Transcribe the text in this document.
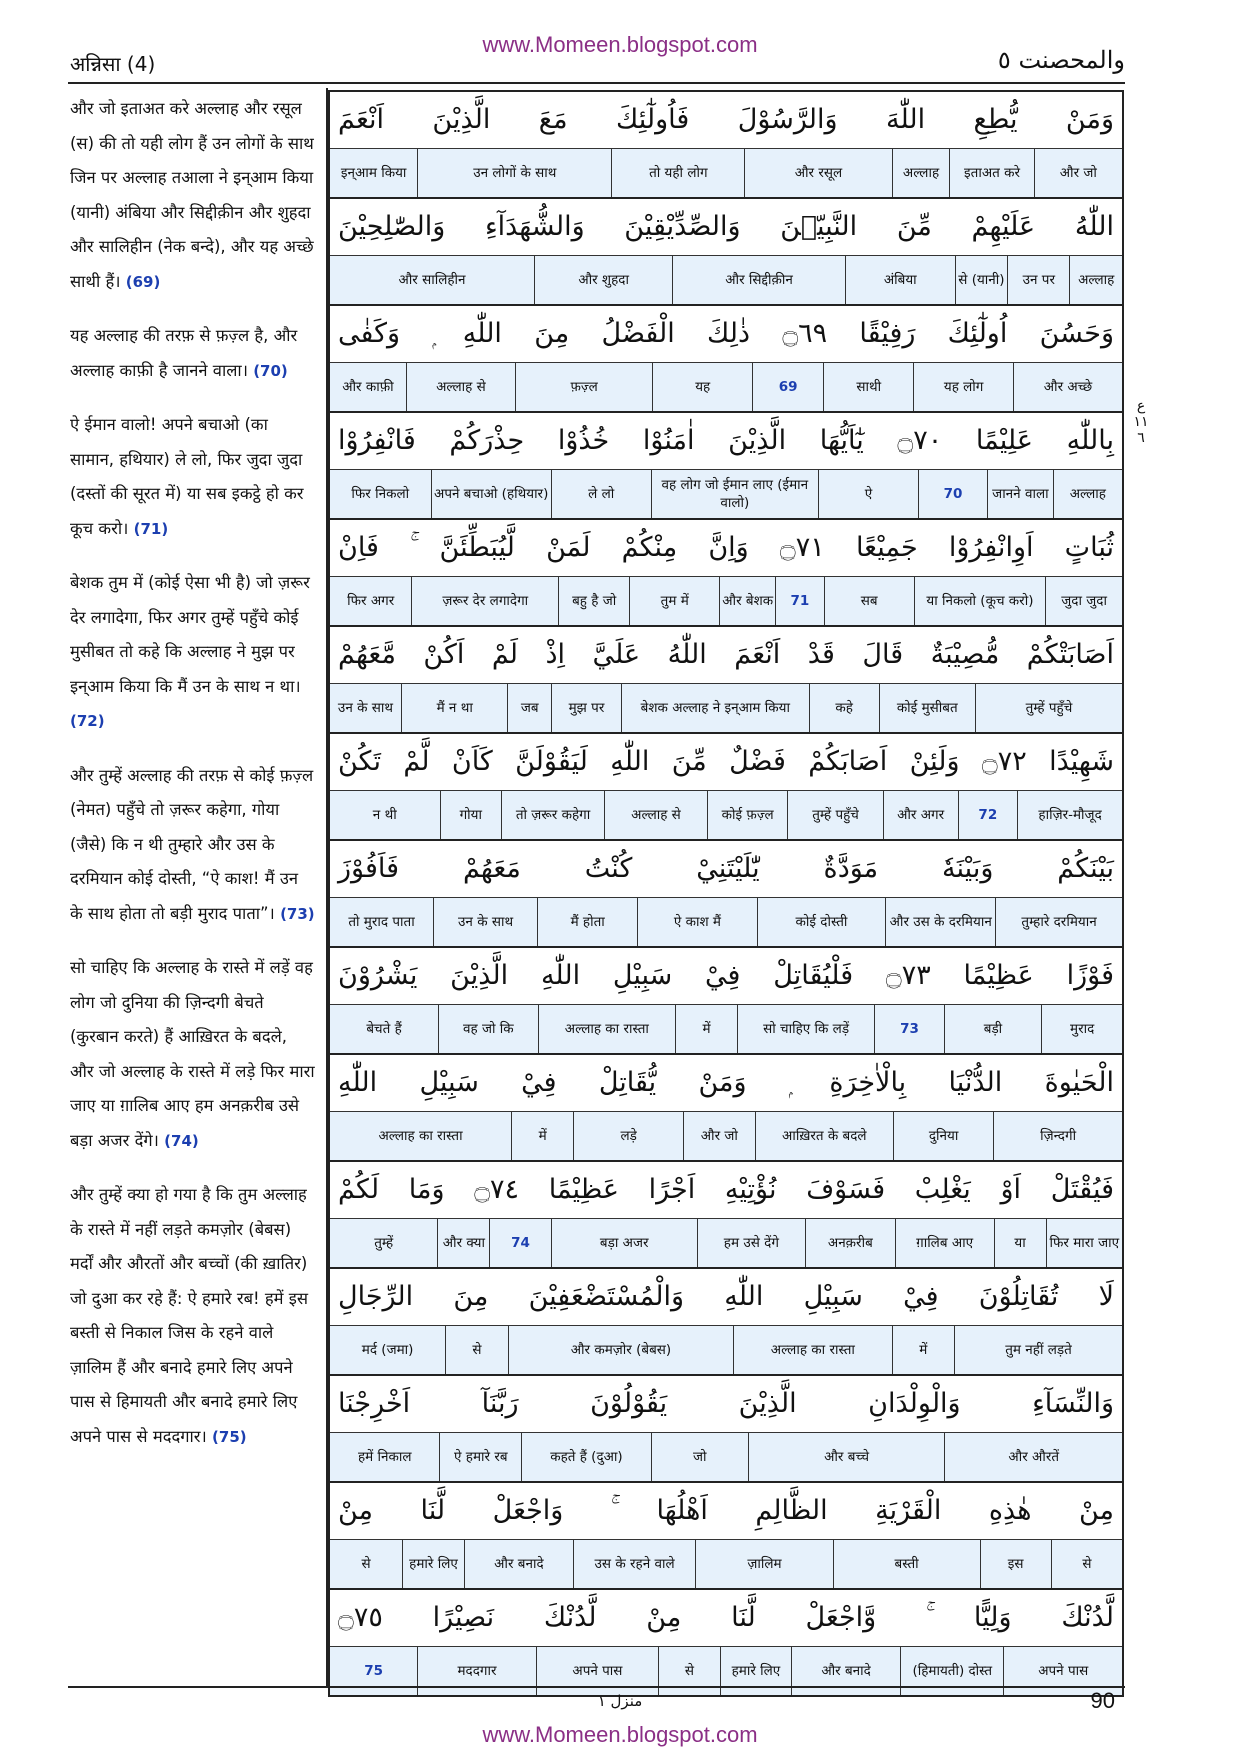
www.Momeen.blogspot.com
अन्निसा (4)	والمحصنت ٥
और जो इताअत करे अल्लाह और रसूल (स) की तो यही लोग हैं उन लोगों के साथ जिन पर अल्लाह तआला ने इन्आम किया (यानी) अंबिया और सिद्दीक़ीन और शुहदा और सालिहीन (नेक बन्दे), और यह अच्छे साथी हैं। (69)
यह अल्लाह की तरफ़ से फ़ज़्ल है, और अल्लाह काफ़ी है जानने वाला। (70)
ऐ ईमान वालो! अपने बचाओ (का सामान, हथियार) ले लो, फिर जुदा जुदा (दस्तों की सूरत में) या सब इकट्ठे हो कर कूच करो। (71)
बेशक तुम में (कोई ऐसा भी है) जो ज़रूर देर लगादेगा, फिर अगर तुम्हें पहुँचे कोई मुसीबत तो कहे कि अल्लाह ने मुझ पर इन्आम किया कि मैं उन के साथ न था। (72)
और तुम्हें अल्लाह की तरफ़ से कोई फ़ज़्ल (नेमत) पहुँचे तो ज़रूर कहेगा, गोया (जैसे) कि न थी तुम्हारे और उस के दरमियान कोई दोस्ती, “ऐ काश! मैं उन के साथ होता तो बड़ी मुराद पाता”। (73)
सो चाहिए कि अल्लाह के रास्ते में लड़ें वह लोग जो दुनिया की ज़िन्दगी बेचते (कुरबान करते) हैं आख़िरत के बदले, और जो अल्लाह के रास्ते में लड़े फिर मारा जाए या ग़ालिब आए हम अनक़रीब उसे बड़ा अजर देंगे। (74)
और तुम्हें क्या हो गया है कि तुम अल्लाह के रास्ते में नहीं लड़ते कमज़ोर (बेबस) मर्दों और औरतों और बच्चों (की ख़ातिर) जो दुआ कर रहे हैं: ऐ हमारे रब! हमें इस बस्ती से निकाल जिस के रहने वाले ज़ालिम हैं और बनादे हमारे लिए अपने पास से हिमायती और बनादे हमारे लिए अपने पास से मददगार। (75)
وَمَنْ يُّطِعِ اللّٰهَ وَالرَّسُوْلَ فَاُولٰٓئِكَ مَعَ الَّذِيْنَ اَنْعَمَ
और जो
इताअत करे
अल्लाह
और रसूल
तो यही लोग
उन लोगों के साथ
इन्आम किया
اللّٰهُ عَلَيْهِمْ مِّنَ النَّبِيّٖنَ وَالصِّدِّيْقِيْنَ وَالشُّهَدَآءِ وَالصّٰلِحِيْنَ
अल्लाह
उन पर
से (यानी)
अंबिया
और सिद्दीक़ीन
और शुहदा
और सालिहीन
وَحَسُنَ اُولٰٓئِكَ رَفِيْقًا ۝٦٩ ذٰلِكَ الْفَضْلُ مِنَ اللّٰهِ ۭ وَكَفٰى
और अच्छे
यह लोग
साथी
69
यह
फ़ज़्ल
अल्लाह से
और काफ़ी
بِاللّٰهِ عَلِيْمًا ۝٧٠ يٰٓاَيُّهَا الَّذِيْنَ اٰمَنُوْا خُذُوْا حِذْرَكُمْ فَانْفِرُوْا
अल्लाह
जानने वाला
70
ऐ
वह लोग जो ईमान लाए (ईमान वालो)
ले लो
अपने बचाओ (हथियार)
फिर निकलो
ثُبَاتٍ اَوِانْفِرُوْا جَمِيْعًا ۝٧١ وَاِنَّ مِنْكُمْ لَمَنْ لَّيُبَطِّئَنَّ ۚ فَاِنْ
जुदा जुदा
या निकलो (कूच करो)
सब
71
और बेशक
तुम में
बहु है जो
ज़रूर देर लगादेगा
फिर अगर
اَصَابَتْكُمْ مُّصِيْبَةٌ قَالَ قَدْ اَنْعَمَ اللّٰهُ عَلَيَّ اِذْ لَمْ اَكُنْ مَّعَهُمْ
तुम्हें पहुँचे
कोई मुसीबत
कहे
बेशक अल्लाह ने इन्आम किया
मुझ पर
जब
मैं न था
उन के साथ
شَهِيْدًا ۝٧٢ وَلَئِنْ اَصَابَكُمْ فَضْلٌ مِّنَ اللّٰهِ لَيَقُوْلَنَّ كَاَنْ لَّمْ تَكُنْ
हाज़िर-मौजूद
72
और अगर
तुम्हें पहुँचे
कोई फ़ज़्ल
अल्लाह से
तो ज़रूर कहेगा
गोया
न थी
بَيْنَكُمْ وَبَيْنَهٗ مَوَدَّةٌ يّٰلَيْتَنِيْ كُنْتُ مَعَهُمْ فَاَفُوْزَ
तुम्हारे दरमियान
और उस के दरमियान
कोई दोस्ती
ऐ काश मैं
मैं होता
उन के साथ
तो मुराद पाता
فَوْزًا عَظِيْمًا ۝٧٣ فَلْيُقَاتِلْ فِيْ سَبِيْلِ اللّٰهِ الَّذِيْنَ يَشْرُوْنَ
मुराद
बड़ी
73
सो चाहिए कि लड़ें
में
अल्लाह का रास्ता
वह जो कि
बेचते हैं
الْحَيٰوةَ الدُّنْيَا بِالْاٰخِرَةِ ۭ وَمَنْ يُّقَاتِلْ فِيْ سَبِيْلِ اللّٰهِ
ज़िन्दगी
दुनिया
आख़िरत के बदले
और जो
लड़े
में
अल्लाह का रास्ता
فَيُقْتَلْ اَوْ يَغْلِبْ فَسَوْفَ نُؤْتِيْهِ اَجْرًا عَظِيْمًا ۝٧٤ وَمَا لَكُمْ
फिर मारा जाए
या
ग़ालिब आए
अनक़रीब
हम उसे देंगे
बड़ा अजर
74
और क्या
तुम्हें
لَا تُقَاتِلُوْنَ فِيْ سَبِيْلِ اللّٰهِ وَالْمُسْتَضْعَفِيْنَ مِنَ الرِّجَالِ
तुम नहीं लड़ते
में
अल्लाह का रास्ता
और कमज़ोर (बेबस)
से
मर्द (जमा)
وَالنِّسَآءِ وَالْوِلْدَانِ الَّذِيْنَ يَقُوْلُوْنَ رَبَّنَآ اَخْرِجْنَا
और औरतें
और बच्चे
जो
कहते हैं (दुआ)
ऐ हमारे रब
हमें निकाल
مِنْ هٰذِهِ الْقَرْيَةِ الظَّالِمِ اَهْلُهَا ۚ وَاجْعَلْ لَّنَا مِنْ
से
इस
बस्ती
ज़ालिम
उस के रहने वाले
और बनादे
हमारे लिए
से
لَّدُنْكَ وَلِيًّا ۚ وَّاجْعَلْ لَّنَا مِنْ لَّدُنْكَ نَصِيْرًا ۝٧٥
अपने पास
(हिमायती) दोस्त
और बनादे
हमारे लिए
से
अपने पास
मददगार
75
ع ١١ ٦
منزل ١	90
www.Momeen.blogspot.com
